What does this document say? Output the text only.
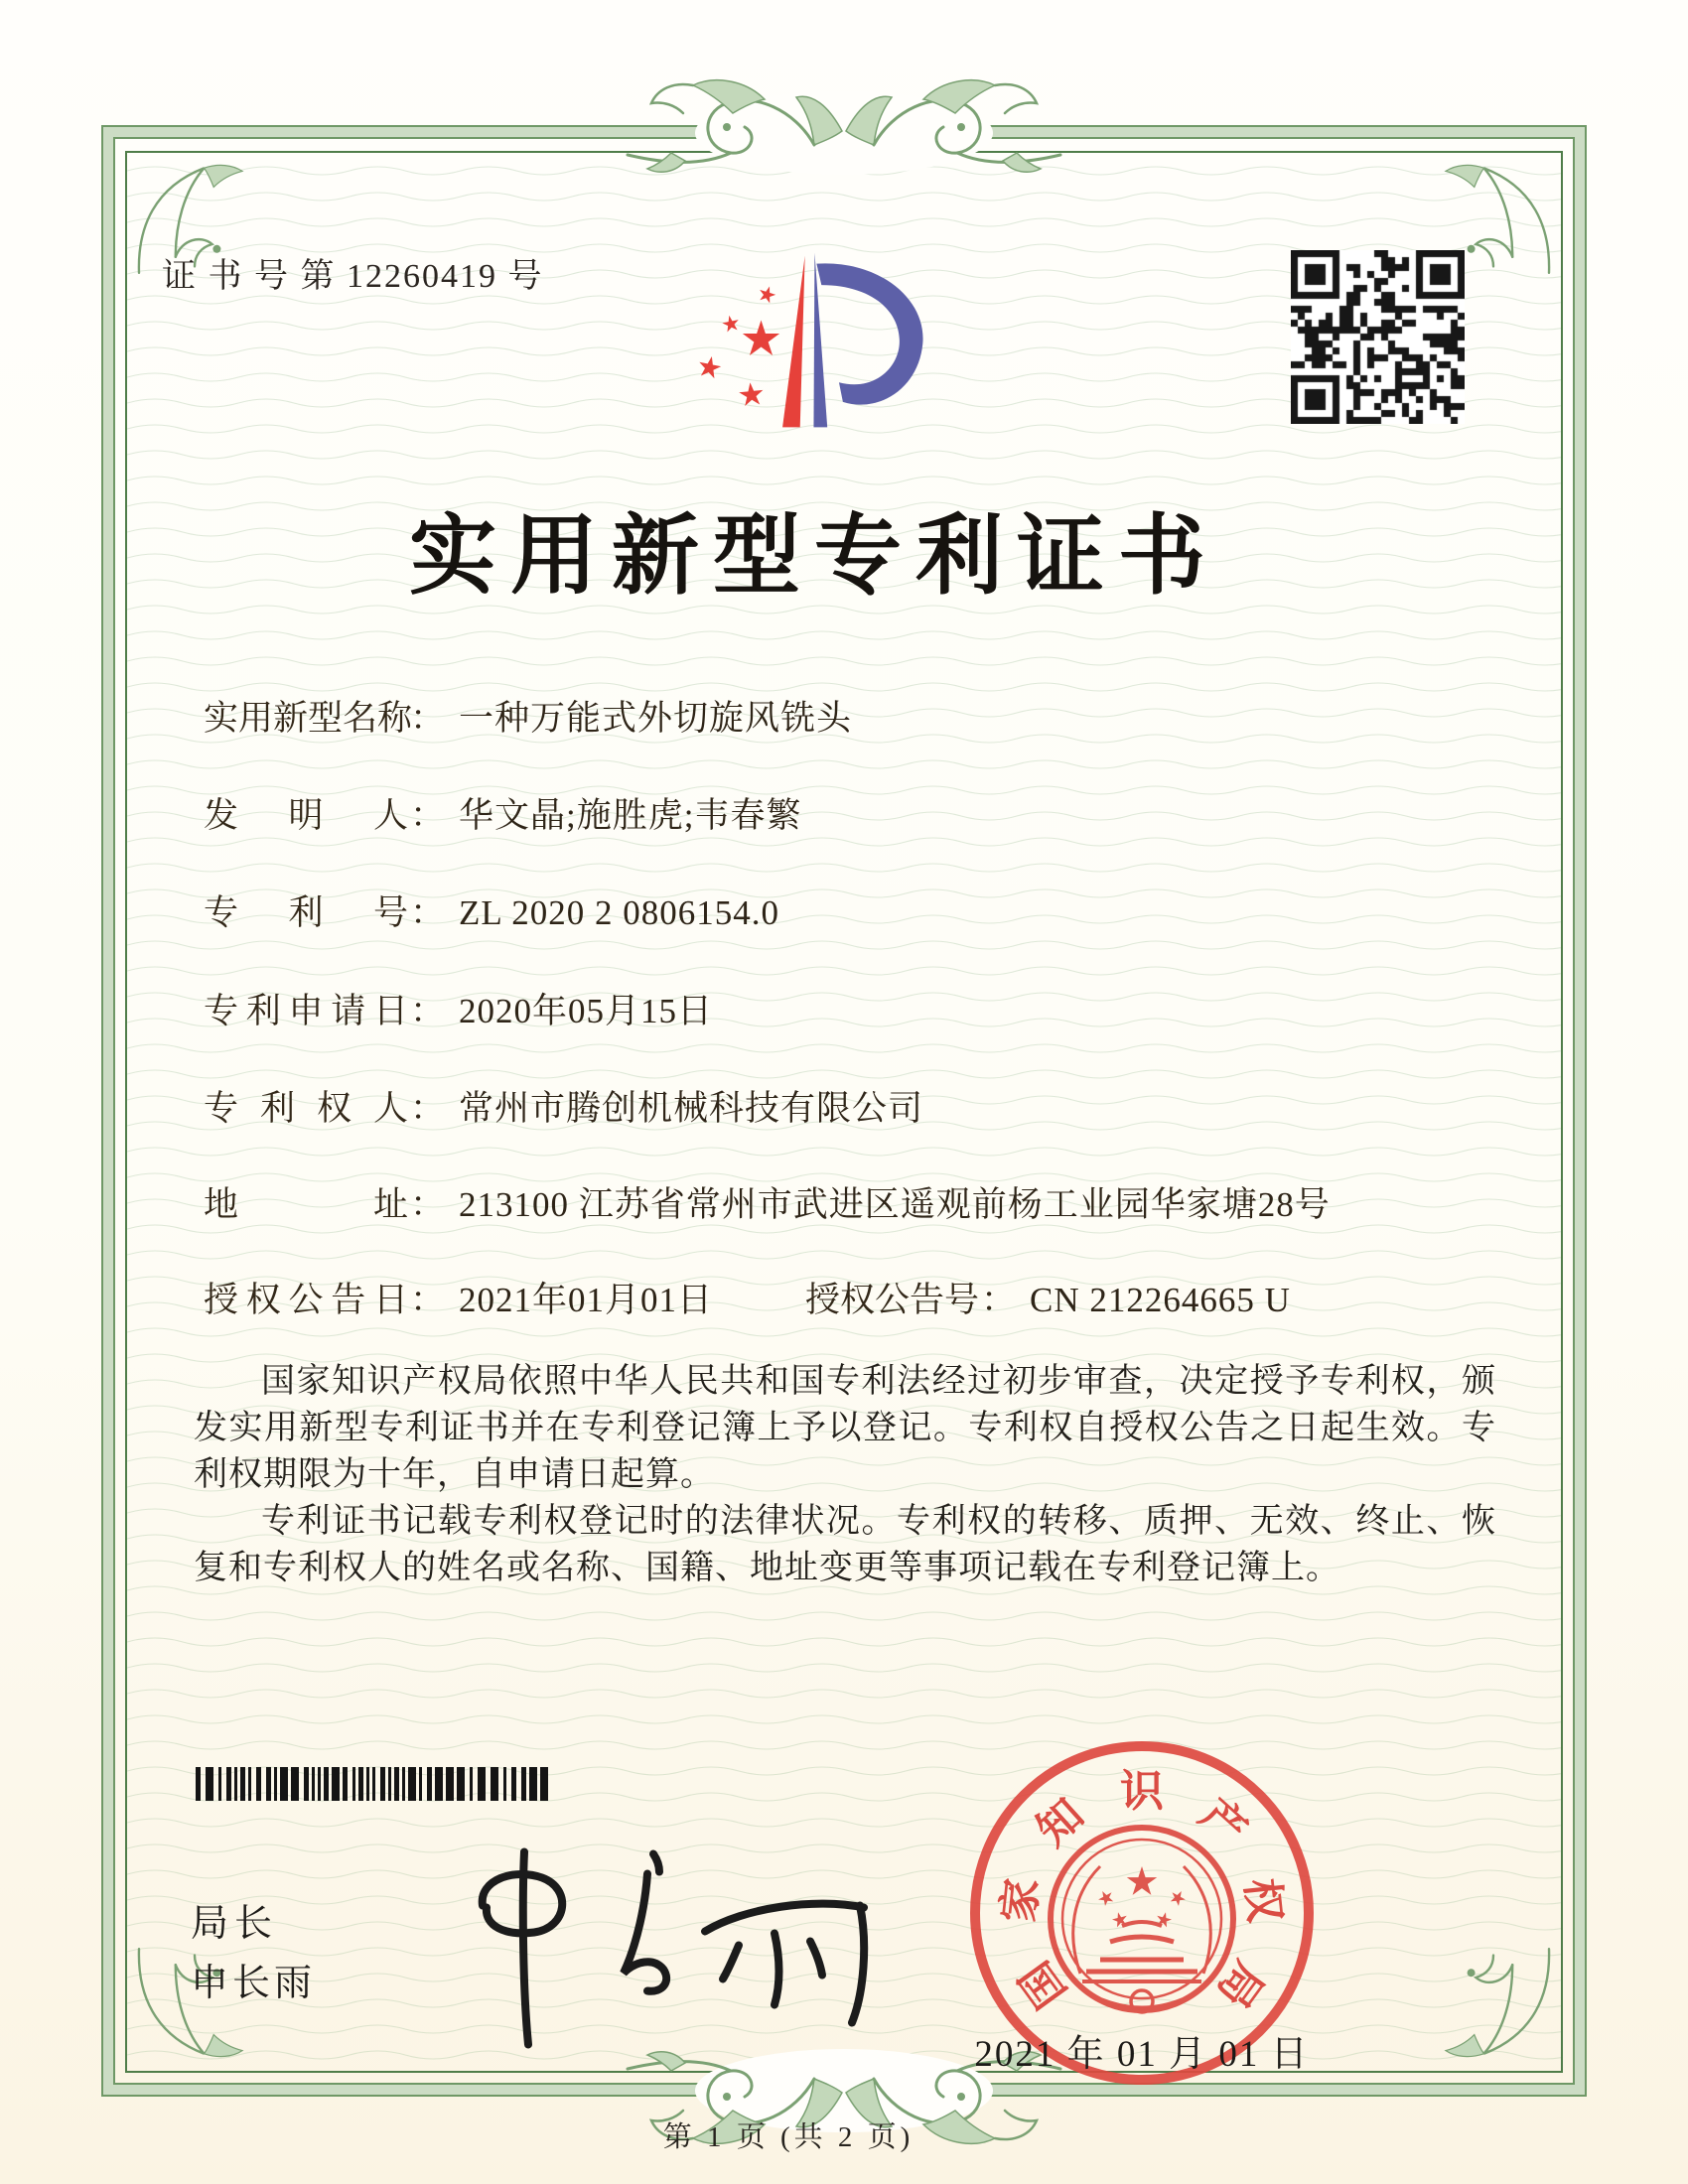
证 书 号 第 12260419 号
实用新型专利证书
实用新型名称： 一种万能式外切旋风铣头
发明人： 华文晶;施胜虎;韦春繁
专利号： ZL 2020 2 0806154.0
专利申请日： 2020年05月15日
专利权人： 常州市腾创机械科技有限公司
地址： 213100 江苏省常州市武进区遥观前杨工业园华家塘28号
授权公告日： 2021年01月01日	授权公告号： CN 212264665 U

国家知识产权局依照中华人民共和国专利法经过初步审查，决定授予专利权，颁发实用新型专利证书并在专利登记簿上予以登记。专利权自授权公告之日起生效。专利权期限为十年，自申请日起算。

专利证书记载专利权登记时的法律状况。专利权的转移、质押、无效、终止、恢复和专利权人的姓名或名称、国籍、地址变更等事项记载在专利登记簿上。

局长
申长雨	国
家
知 识 产
权
局
2021 年 01 月 01 日
第 1 页 (共 2 页)
